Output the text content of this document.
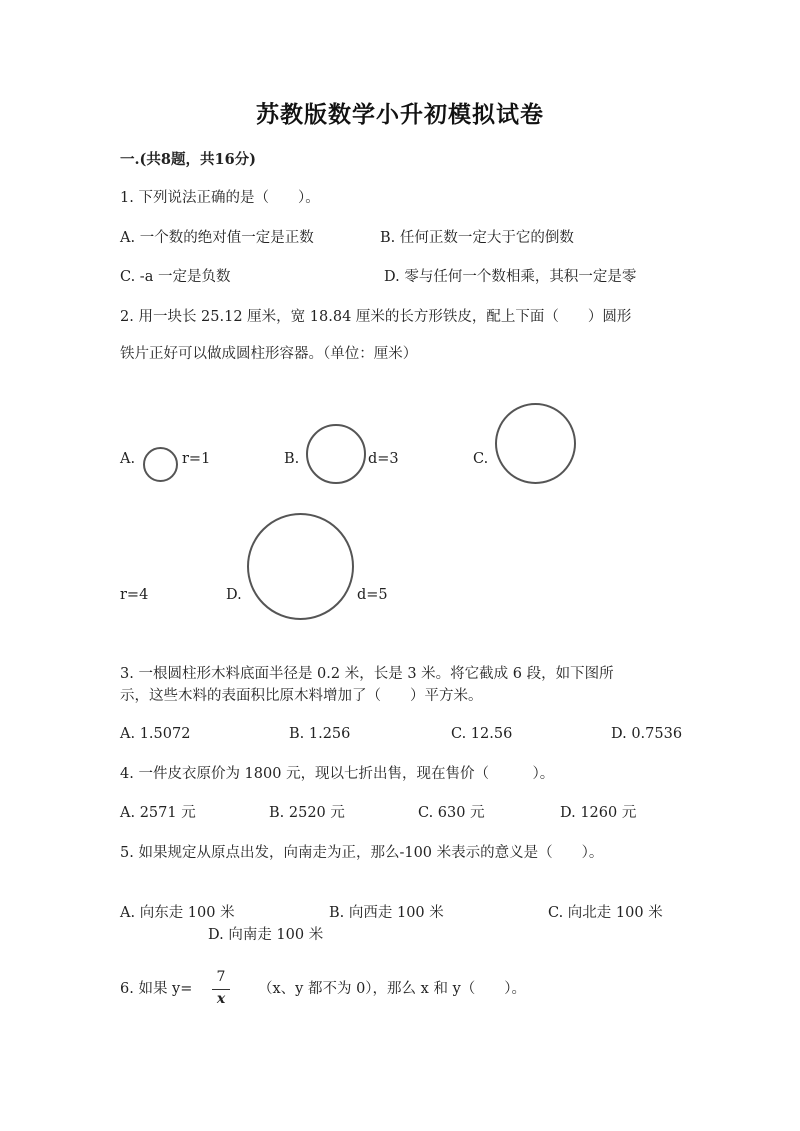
苏教版数学小升初模拟试卷
一.(共8题，共16分)
1. 下列说法正确的是（　　）。
A. 一个数的绝对值一定是正数	B. 任何正数一定大于它的倒数
C. -a 一定是负数	D. 零与任何一个数相乘，其积一定是零
2. 用一块长 25.12 厘米，宽 18.84 厘米的长方形铁皮，配上下面（　　）圆形
铁片正好可以做成圆柱形容器。（单位：厘米）
A.	r=1	B.	d=3	C.
r=4	D.	d=5
3. 一根圆柱形木料底面半径是 0.2 米，长是 3 米。将它截成 6 段，如下图所
示，这些木料的表面积比原木料增加了（　　）平方米。
A. 1.5072	B. 1.256	C. 12.56	D. 0.7536
4. 一件皮衣原价为 1800 元，现以七折出售，现在售价（　　　）。
A. 2571 元	B. 2520 元	C. 630 元	D. 1260 元
5. 如果规定从原点出发，向南走为正，那么-100 米表示的意义是（　　）。
A. 向东走 100 米	B. 向西走 100 米	C. 向北走 100 米
D. 向南走 100 米
6. 如果 y=
7
x
（x、y 都不为 0），那么 x 和 y（　　）。
